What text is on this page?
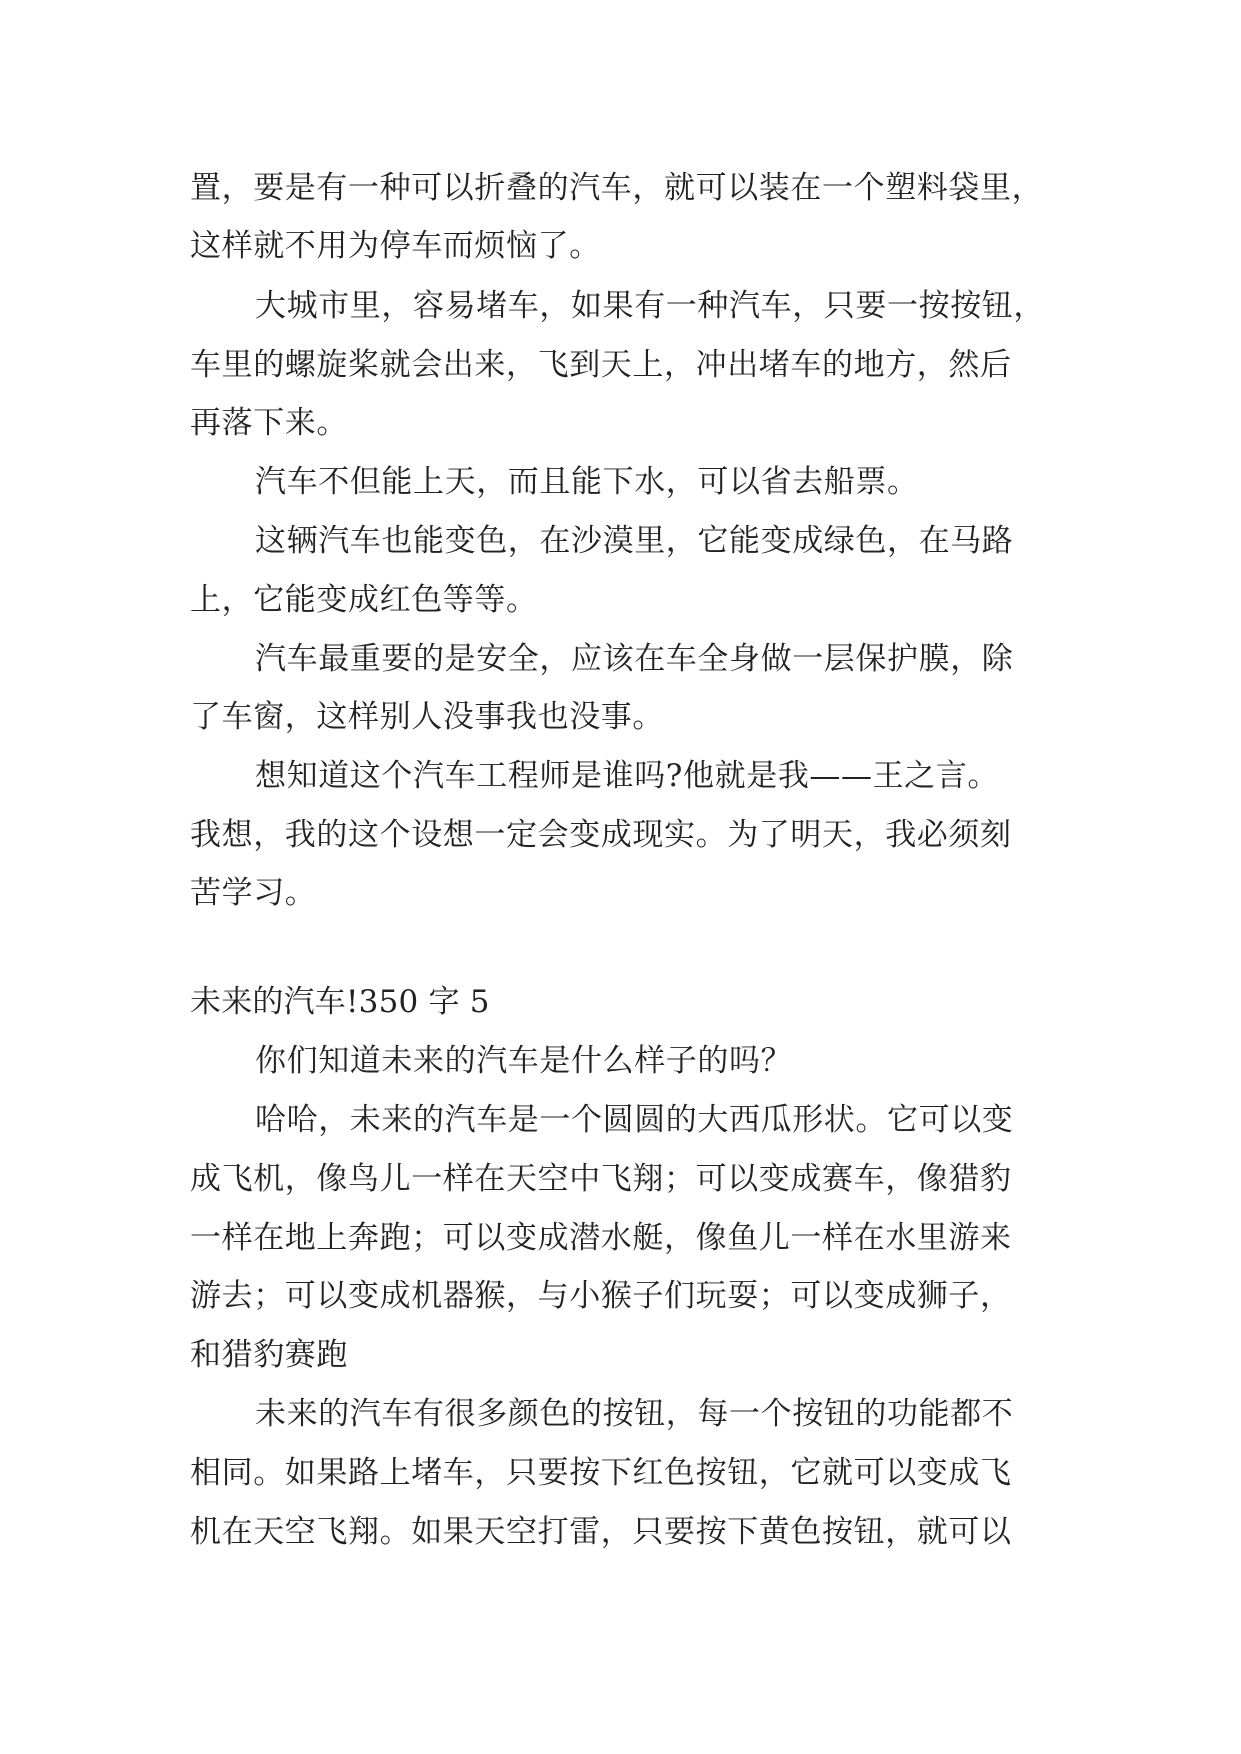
置，要是有一种可以折叠的汽车，就可以装在一个塑料袋里，
这样就不用为停车而烦恼了。
大城市里，容易堵车，如果有一种汽车，只要一按按钮，
车里的螺旋桨就会出来，飞到天上，冲出堵车的地方，然后
再落下来。
汽车不但能上天，而且能下水，可以省去船票。
这辆汽车也能变色，在沙漠里，它能变成绿色，在马路
上，它能变成红色等等。
汽车最重要的是安全，应该在车全身做一层保护膜，除
了车窗，这样别人没事我也没事。
想知道这个汽车工程师是谁吗?他就是我——王之言。
我想，我的这个设想一定会变成现实。为了明天，我必须刻
苦学习。
未来的汽车!350 字 5
你们知道未来的汽车是什么样子的吗？
哈哈，未来的汽车是一个圆圆的大西瓜形状。它可以变
成飞机，像鸟儿一样在天空中飞翔；可以变成赛车，像猎豹
一样在地上奔跑；可以变成潜水艇，像鱼儿一样在水里游来
游去；可以变成机器猴，与小猴子们玩耍；可以变成狮子，
和猎豹赛跑
未来的汽车有很多颜色的按钮，每一个按钮的功能都不
相同。如果路上堵车，只要按下红色按钮，它就可以变成飞
机在天空飞翔。如果天空打雷，只要按下黄色按钮，就可以
